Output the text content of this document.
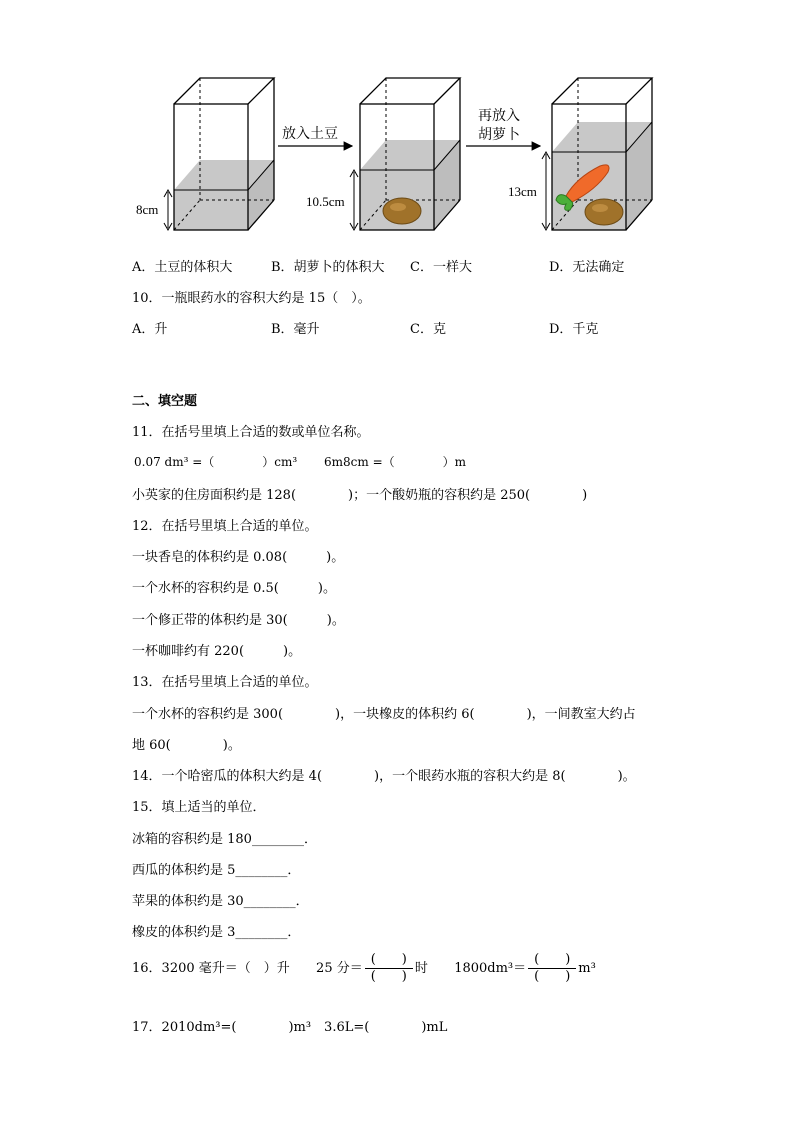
8cm
放入土豆
10.5cm
再放入
胡萝卜
13cm
A．土豆的体积大	B．胡萝卜的体积大 C．一样大	D．无法确定
10．一瓶眼药水的容积大约是 15（　）。
A．升	B．毫升	C．克	D．千克
二、填空题
11．在括号里填上合适的数或单位名称。
0.07 dm³ =（　　　　）cm³ 6m8cm =（　　　　）m
小英家的住房面积约是 128(　　　　)；一个酸奶瓶的容积约是 250(　　　　)
12．在括号里填上合适的单位。
一块香皂的体积约是 0.08(　　　)。
一个水杯的容积约是 0.5(　　　)。
一个修正带的体积约是 30(　　　)。
一杯咖啡约有 220(　　　)。
13．在括号里填上合适的单位。
一个水杯的容积约是 300(　　　　)，一块橡皮的体积约 6(　　　　)，一间教室大约占
地 60(　　　　)。
14．一个哈密瓜的体积大约是 4(　　　　)，一个眼药水瓶的容积大约是 8(　　　　)。
15．填上适当的单位．
冰箱的容积约是 180________．
西瓜的体积约是 5________．
苹果的体积约是 30________．
橡皮的体积约是 3________．
16．3200 毫升＝（　）升 25 分＝ $\frac{( )}{( )}$ 时 $1800dm^3= \frac{( )}{( )} m^3$
17．2010dm³=(　　　　)m³　3.6L=(　　　　)mL
